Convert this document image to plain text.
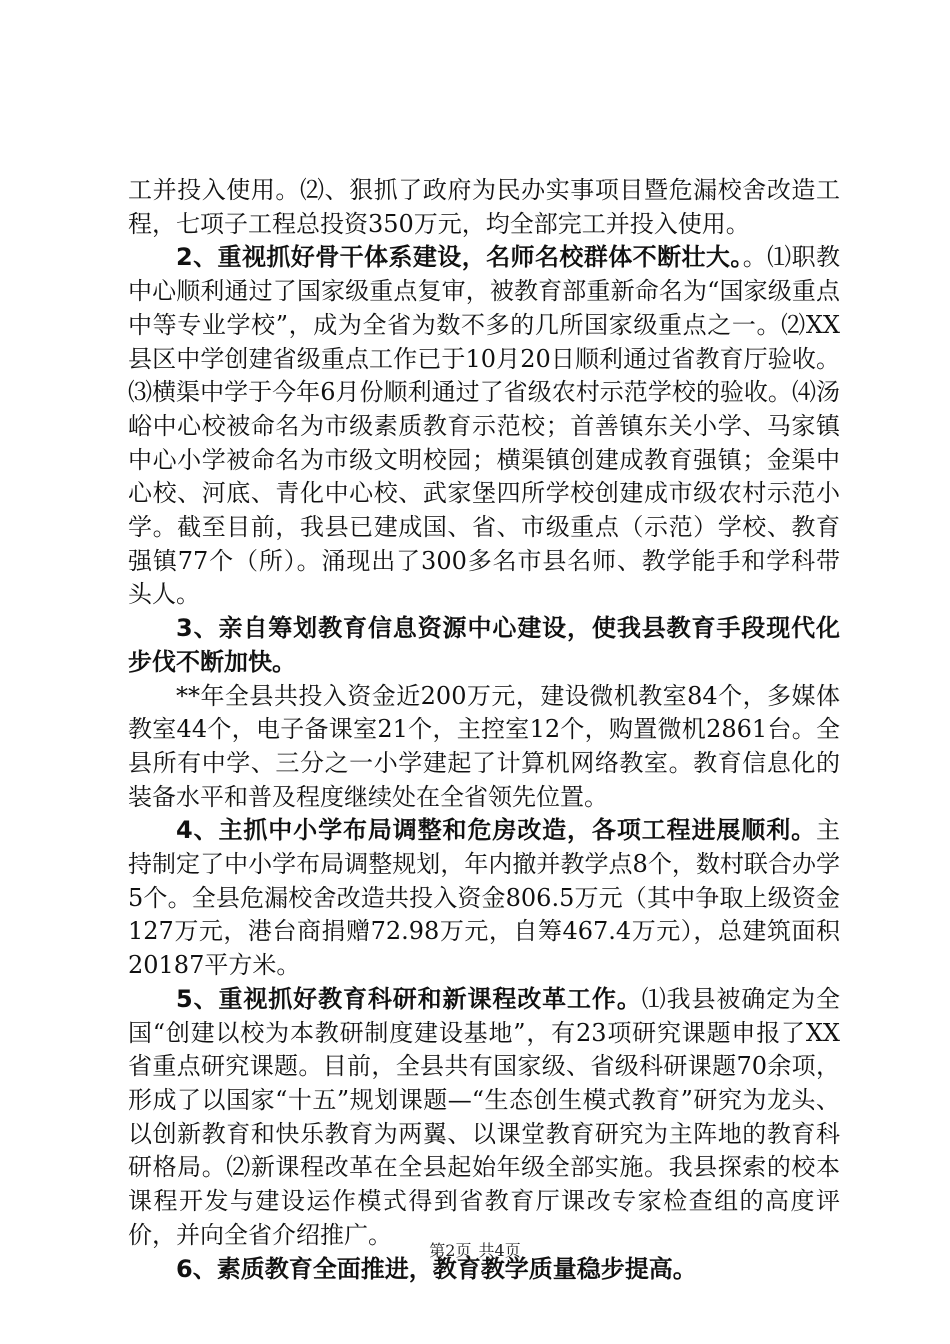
工并投入使用。⑵、狠抓了政府为民办实事项目暨危漏校舍改造工程，七项子工程总投资350万元，均全部完工并投入使用。

2、重视抓好骨干体系建设，名师名校群体不断壮大。。⑴职教中心顺利通过了国家级重点复审，被教育部重新命名为“国家级重点中等专业学校”，成为全省为数不多的几所国家级重点之一。⑵XX县区中学创建省级重点工作已于10月20日顺利通过省教育厅验收。⑶横渠中学于今年6月份顺利通过了省级农村示范学校的验收。⑷汤峪中心校被命名为市级素质教育示范校；首善镇东关小学、马家镇中心小学被命名为市级文明校园；横渠镇创建成教育强镇；金渠中心校、河底、青化中心校、武家堡四所学校创建成市级农村示范小学。截至目前，我县已建成国、省、市级重点（示范）学校、教育强镇77个（所）。涌现出了300多名市县名师、教学能手和学科带头人。

3、亲自筹划教育信息资源中心建设，使我县教育手段现代化步伐不断加快。

**年全县共投入资金近200万元，建设微机教室84个，多媒体教室44个，电子备课室21个，主控室12个，购置微机2861台。全县所有中学、三分之一小学建起了计算机网络教室。教育信息化的装备水平和普及程度继续处在全省领先位置。

4、主抓中小学布局调整和危房改造，各项工程进展顺利。主持制定了中小学布局调整规划，年内撤并教学点8个，数村联合办学5个。全县危漏校舍改造共投入资金806.5万元（其中争取上级资金127万元，港台商捐赠72.98万元，自筹467.4万元），总建筑面积20187平方米。

5、重视抓好教育科研和新课程改革工作。⑴我县被确定为全国“创建以校为本教研制度建设基地”，有23项研究课题申报了XX省重点研究课题。目前，全县共有国家级、省级科研课题70余项，形成了以国家“十五”规划课题—“生态创生模式教育”研究为龙头、以创新教育和快乐教育为两翼、以课堂教育研究为主阵地的教育科研格局。⑵新课程改革在全县起始年级全部实施。我县探索的校本课程开发与建设运作模式得到省教育厅课改专家检查组的高度评价，并向全省介绍推广。

6、素质教育全面推进，教育教学质量稳步提高。

第2页 共4页
